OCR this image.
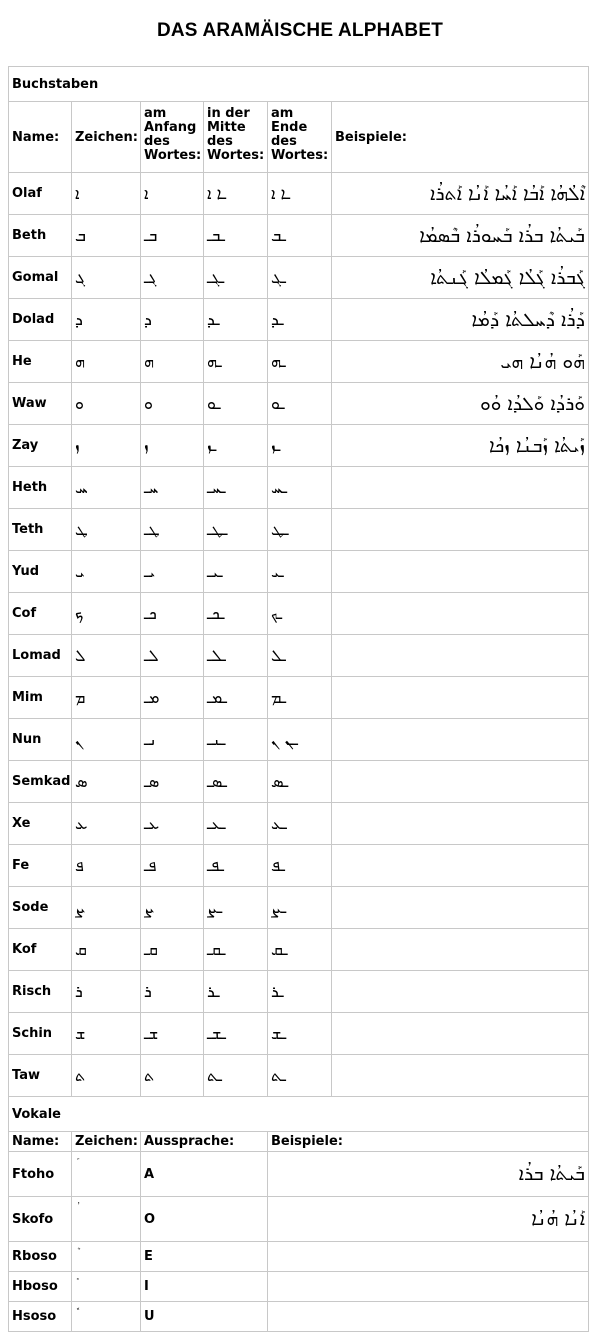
DAS ARAMÄISCHE ALPHABET
Buchstaben					
Name:	Zeichen:	am Anfang des Wortes:	in der Mitte des Wortes:	am Ende des Wortes:	Beispiele:
Olaf	ܐ	ܐ	ـܐ ܐ	ـܐ ܐ	ܐܶܠܳܗܳܐ ܐܰܒܳܐ ܐܰܚܳܐ ܐܰܢܳܐ ܐܰܬܪܳܐ
Beth	ܒ	ܒـ	ـܒـ	ـܒ	ܒܰܝܬܳܐ ܒܪܳܐ ܒܰܚܘܪܳܐ ܒܶܣܡܳܐ
Gomal	ܓ	ܓـ	ـܓـ	ـܓ	ܓܰܒܪܳܐ ܓܰܠܳܐ ܓܰܡܠܳܐ ܓܰܢܬܳܐ
Dolad	ܕ	ܕ	ـܕ	ـܕ	ܕܰܪܳܐ ܕܶܚܠܬܳܐ ܕܰܡܳܐ
He	ܗ	ܗ	ـܗ	ـܗ	ܗܰܘ ܗܳܢܳܐ ܗܝ
Waw	ܘ	ܘ	ـܘ	ـܘ	ܘܰܪܕܳܐ ܘܰܠܕܳܐ ܘܳܘ
Zay	ܙ	ܙ	ـܙ	ـܙ	ܙܰܝܬܳܐ ܙܰܒܢܳܐ ܙܟܳܐ
Heth	ܚ	ܚـ	ـܚـ	ـܚ	
Teth	ܛ	ܛـ	ـܛـ	ـܛ	
Yud	ܝ	ܝـ	ـܝـ	ـܝ	
Cof	ܟ	ܟـ	ـܟـ	ـܟ	
Lomad	ܠ	ܠـ	ـܠـ	ـܠ	
Mim	ܡ	ܡـ	ـܡـ	ـܡ	
Nun	ܢ	ܢـ	ـܢـ	ـܢ ܢ	
Semkad	ܣ	ܣـ	ـܣـ	ـܣ	
Xe	ܥ	ܥـ	ـܥـ	ـܥ	
Fe	ܦ	ܦـ	ـܦـ	ـܦ	
Sode	ܨ	ܨ	ـܨ	ـܨ	
Kof	ܩ	ܩـ	ـܩـ	ـܩ	
Risch	ܪ	ܪ	ـܪ	ـܪ	
Schin	ܫ	ܫـ	ـܫـ	ـܫ	
Taw	ܬ	ܬ	ـܬ	ـܬ	
Vokale					
Name:	Zeichen:	Aussprache:		Beispiele:	
Ftoho		A		ܒܰܝܬܳܐ ܒܪܳܐ	
Skofo		O		ܐܰܢܳܐ ܗܳܢܳܐ	
Rboso		E			
Hboso		I			
Hsoso		U			
